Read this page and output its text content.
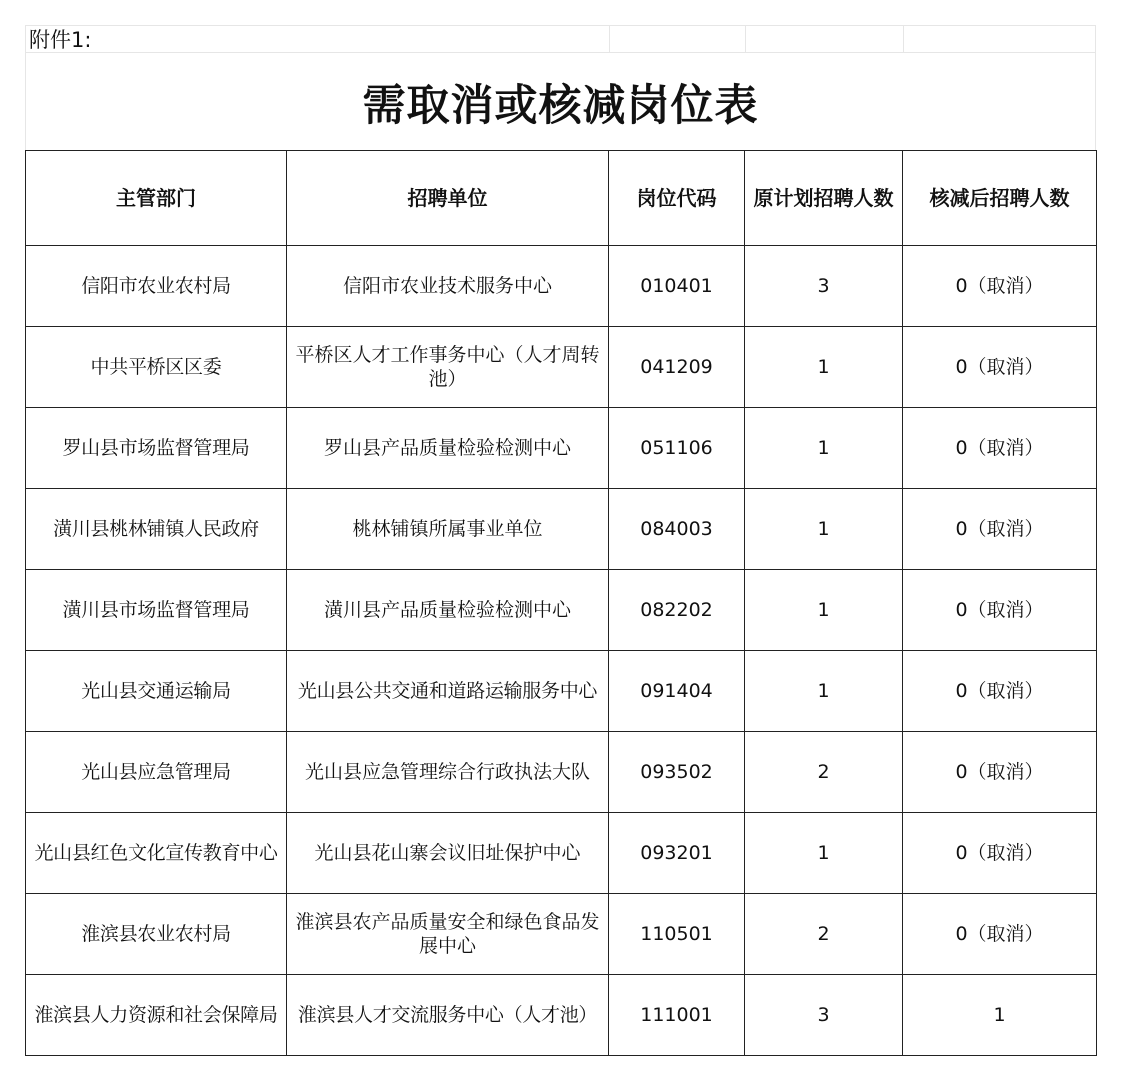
附件1:
需取消或核减岗位表
主管部门	招聘单位	岗位代码	原计划招聘人数	核减后招聘人数
信阳市农业农村局	信阳市农业技术服务中心	010401	3	0（取消）
中共平桥区区委	平桥区人才工作事务中心（人才周转池）	041209	1	0（取消）
罗山县市场监督管理局	罗山县产品质量检验检测中心	051106	1	0（取消）
潢川县桃林铺镇人民政府	桃林铺镇所属事业单位	084003	1	0（取消）
潢川县市场监督管理局	潢川县产品质量检验检测中心	082202	1	0（取消）
光山县交通运输局	光山县公共交通和道路运输服务中心	091404	1	0（取消）
光山县应急管理局	光山县应急管理综合行政执法大队	093502	2	0（取消）
光山县红色文化宣传教育中心	光山县花山寨会议旧址保护中心	093201	1	0（取消）
淮滨县农业农村局	淮滨县农产品质量安全和绿色食品发展中心	110501	2	0（取消）
淮滨县人力资源和社会保障局	淮滨县人才交流服务中心（人才池）	111001	3	1
